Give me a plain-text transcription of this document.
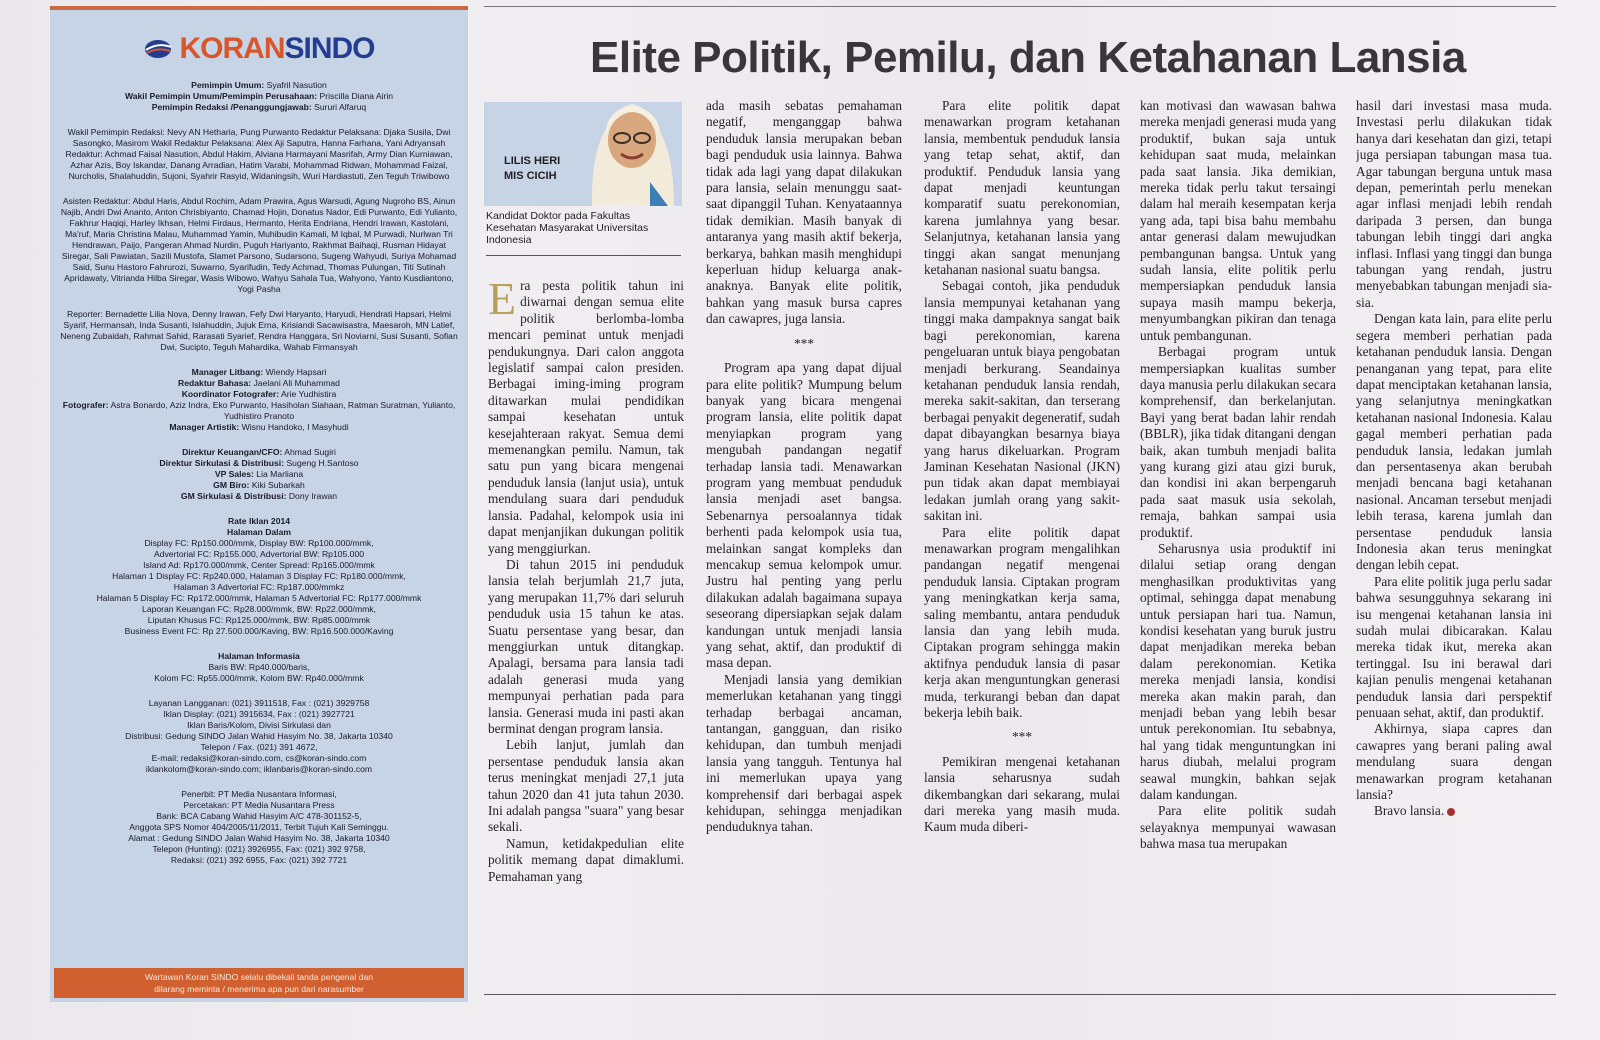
KORANSINDO

Pemimpin Umum: Syafril Nasution

Wakil Pemimpin Umum/Pemimpin Perusahaan: Priscilla Diana Airin

Pemimpin Redaksi /Penanggungjawab: Sururi Alfaruq

Wakil Pemimpin Redaksi: Nevy AN Hetharia, Pung Purwanto Redaktur Pelaksana: Djaka Susila, Dwi Sasongko, Masirom Wakil Redaktur Pelaksana: Alex Aji Saputra, Hanna Farhana, Yani Adryansah Redaktur: Achmad Faisal Nasution, Abdul Hakim, Alviana Harmayani Masrifah, Army Dian Kurniawan, Azhar Azis, Boy Iskandar, Danang Arradian, Hatim Varabi, Mohammad Ridwan, Mohammad Faizal, Nurcholis, Shalahuddin, Sujoni, Syahrir Rasyid, Widaningsih, Wuri Hardiastuti, Zen Teguh Triwibowo

Asisten Redaktur: Abdul Haris, Abdul Rochim, Adam Prawira, Agus Warsudi, Agung Nugroho BS, Ainun Najib, Andri Dwi Ananto, Anton Chrisbiyanto, Chamad Hojin, Donatus Nador, Edi Purwanto, Edi Yulianto, Fakhrur Haqiqi, Harley Ikhsan, Helmi Firdaus, Hermanto, Herita Endriana, Hendri Irawan, Kastolani, Ma'ruf, Maria Christina Malau, Muhammad Yamin, Muhibudin Kamali, M Iqbal, M Purwadi, Nurlwan Tri Hendrawan, Paijo, Pangeran Ahmad Nurdin, Puguh Hariyanto, Rakhmat Baihaqi, Rusman Hidayat Siregar, Sali Pawiatan, Sazili Mustofa, Slamet Parsono, Sudarsono, Sugeng Wahyudi, Suriya Mohamad Said, Sunu Hastoro Fahrurozi, Suwarno, Syarifudin, Tedy Achmad, Thomas Pulungan, Titi Sutinah Apridawaty, Vitrianda Hilba Siregar, Wasis Wibowo, Wahyu Sahala Tua, Wahyono, Yanto Kusdiantono, Yogi Pasha

Reporter: Bernadette Lilia Nova, Denny Irawan, Fefy Dwi Haryanto, Haryudi, Hendrati Hapsari, Helmi Syarif, Hermansah, Inda Susanti, Islahuddin, Jujuk Erna, Krisiandi Sacawisastra, Maesaroh, MN Latief, Neneng Zubaidah, Rahmat Sahid, Rarasati Syarief, Rendra Hanggara, Sri Noviarni, Susi Susanti, Sofian Dwi, Sucipto, Teguh Mahardika, Wahab Firmansyah

Manager Litbang: Wiendy Hapsari

Redaktur Bahasa: Jaelani Ali Muhammad

Koordinator Fotografer: Arie Yudhistira

Fotografer: Astra Bonardo, Aziz Indra, Eko Purwanto, Hasiholan Siahaan, Ratman Suratman, Yulianto, Yudhistiro Pranoto

Manager Artistik: Wisnu Handoko, I Masyhudi

Direktur Keuangan/CFO: Ahmad Sugiri

Direktur Sirkulasi & Distribusi: Sugeng H.Santoso

VP Sales: Lia Marliana

GM Biro: Kiki Subarkah

GM Sirkulasi & Distribusi: Dony Irawan

Rate Iklan 2014

Halaman Dalam

Display FC: Rp150.000/mmk, Display BW: Rp100.000/mmk,

Advertorial FC: Rp155.000, Advertorial BW: Rp105.000

Island Ad: Rp170.000/mmk, Center Spread: Rp165.000/mmk

Halaman 1 Display FC: Rp240.000, Halaman 3 Display FC: Rp180.000/mmk,

Halaman 3 Advertorial FC: Rp187.000/mmkz

Halaman 5 Display FC: Rp172.000/mmk, Halaman 5 Advertorial FC: Rp177.000/mmk

Laporan Keuangan FC: Rp28.000/mmk, BW: Rp22.000/mmk,

Liputan Khusus FC: Rp125.000/mmk, BW: Rp85.000/mmk

Business Event FC: Rp 27.500.000/Kaving, BW: Rp16.500.000/Kaving

Halaman Informasia

Baris BW: Rp40.000/baris,

Kolom FC: Rp55.000/mmk, Kolom BW: Rp40.000/mmk

Layanan Langganan: (021) 3911518, Fax : (021) 3929758

Iklan Display: (021) 3915634, Fax : (021) 3927721

Iklan Baris/Kolom, Divisi Sirkulasi dan

Distribusi: Gedung SINDO Jalan Wahid Hasyim No. 38, Jakarta 10340

Telepon / Fax. (021) 391 4672,

E-mail: redaksi@koran-sindo.com, cs@koran-sindo.com

iklankolom@koran-sindo.com; iklanbaris@koran-sindo.com

Penerbit: PT Media Nusantara Informasi,

Percetakan: PT Media Nusantara Press

Bank: BCA Cabang Wahid Hasyim A/C 478-301152-5,

Anggota SPS Nomor 404/2005/11/2011, Terbit Tujuh Kali Seminggu.

Alamat : Gedung SINDO Jalan Wahid Hasyim No. 38, Jakarta 10340

Telepon (Hunting): (021) 3926955, Fax: (021) 392 9758,

Redaksi: (021) 392 6955, Fax: (021) 392 7721

Wartawan Koran SINDO selalu dibekali tanda pengenal dan
dilarang meminta / menerima apa pun dari narasumber
Elite Politik, Pemilu, dan Ketahanan Lansia
LILIS HERI
MIS CICIH
Kandidat Doktor pada Fakultas Kesehatan Masyarakat Universitas Indonesia

Era pesta politik tahun ini diwarnai dengan semua elite politik berlomba-lomba mencari peminat untuk menjadi pendukungnya. Dari calon anggota legislatif sampai calon presiden. Berbagai iming-iming program ditawarkan mulai pendidikan sampai kesehatan untuk kesejahteraan rakyat. Semua demi memenangkan pemilu. Namun, tak satu pun yang bicara mengenai penduduk lansia (lanjut usia), untuk mendulang suara dari penduduk lansia. Padahal, kelompok usia ini dapat menjanjikan dukungan politik yang menggiurkan.

Di tahun 2015 ini penduduk lansia telah berjumlah 21,7 juta, yang merupakan 11,7% dari seluruh penduduk usia 15 tahun ke atas. Suatu persentase yang besar, dan menggiurkan untuk ditangkap. Apalagi, bersama para lansia tadi adalah generasi muda yang mempunyai perhatian pada para lansia. Generasi muda ini pasti akan berminat dengan program lansia.

Lebih lanjut, jumlah dan persentase penduduk lansia akan terus meningkat menjadi 27,1 juta tahun 2020 dan 41 juta tahun 2030. Ini adalah pangsa "suara" yang besar sekali.

Namun, ketidakpedulian elite politik memang dapat dimaklumi. Pemahaman yang

ada masih sebatas pemahaman negatif, menganggap bahwa penduduk lansia merupakan beban bagi penduduk usia lainnya. Bahwa tidak ada lagi yang dapat dilakukan para lansia, selain menunggu saat-saat dipanggil Tuhan. Kenyataannya tidak demikian. Masih banyak di antaranya yang masih aktif bekerja, berkarya, bahkan masih menghidupi keperluan hidup keluarga anak-anaknya. Banyak elite politik, bahkan yang masuk bursa capres dan cawapres, juga lansia.

***

Program apa yang dapat dijual para elite politik? Mumpung belum banyak yang bicara mengenai program lansia, elite politik dapat menyiapkan program yang mengubah pandangan negatif terhadap lansia tadi. Menawarkan program yang membuat penduduk lansia menjadi aset bangsa. Sebenarnya persoalannya tidak berhenti pada kelompok usia tua, melainkan sangat kompleks dan mencakup semua kelompok umur. Justru hal penting yang perlu dilakukan adalah bagaimana supaya seseorang dipersiapkan sejak dalam kandungan untuk menjadi lansia yang sehat, aktif, dan produktif di masa depan.

Menjadi lansia yang demikian memerlukan ketahanan yang tinggi terhadap berbagai ancaman, tantangan, gangguan, dan risiko kehidupan, dan tumbuh menjadi lansia yang tangguh. Tentunya hal ini memerlukan upaya yang komprehensif dari berbagai aspek kehidupan, sehingga menjadikan penduduknya tahan.

Para elite politik dapat menawarkan program ketahanan lansia, membentuk penduduk lansia yang tetap sehat, aktif, dan produktif. Penduduk lansia yang dapat menjadi keuntungan komparatif suatu perekonomian, karena jumlahnya yang besar. Selanjutnya, ketahanan lansia yang tinggi akan sangat menunjang ketahanan nasional suatu bangsa.

Sebagai contoh, jika penduduk lansia mempunyai ketahanan yang tinggi maka dampaknya sangat baik bagi perekonomian, karena pengeluaran untuk biaya pengobatan menjadi berkurang. Seandainya ketahanan penduduk lansia rendah, mereka sakit-sakitan, dan terserang berbagai penyakit degeneratif, sudah dapat dibayangkan besarnya biaya yang harus dikeluarkan. Program Jaminan Kesehatan Nasional (JKN) pun tidak akan dapat membiayai ledakan jumlah orang yang sakit-sakitan ini.

Para elite politik dapat menawarkan program mengalihkan pandangan negatif mengenai penduduk lansia. Ciptakan program yang meningkatkan kerja sama, saling membantu, antara penduduk lansia dan yang lebih muda. Ciptakan program sehingga makin aktifnya penduduk lansia di pasar kerja akan menguntungkan generasi muda, terkurangi beban dan dapat bekerja lebih baik.

***

Pemikiran mengenai ketahanan lansia seharusnya sudah dikembangkan dari sekarang, mulai dari mereka yang masih muda. Kaum muda diberi-

kan motivasi dan wawasan bahwa mereka menjadi generasi muda yang produktif, bukan saja untuk kehidupan saat muda, melainkan pada saat lansia. Jika demikian, mereka tidak perlu takut tersaingi dalam hal meraih kesempatan kerja yang ada, tapi bisa bahu membahu antar generasi dalam mewujudkan pembangunan bangsa. Untuk yang sudah lansia, elite politik perlu mempersiapkan penduduk lansia supaya masih mampu bekerja, menyumbangkan pikiran dan tenaga untuk pembangunan.

Berbagai program untuk mempersiapkan kualitas sumber daya manusia perlu dilakukan secara komprehensif, dan berkelanjutan. Bayi yang berat badan lahir rendah (BBLR), jika tidak ditangani dengan baik, akan tumbuh menjadi balita yang kurang gizi atau gizi buruk, dan kondisi ini akan berpengaruh pada saat masuk usia sekolah, remaja, bahkan sampai usia produktif.

Seharusnya usia produktif ini dilalui setiap orang dengan menghasilkan produktivitas yang optimal, sehingga dapat menabung untuk persiapan hari tua. Namun, kondisi kesehatan yang buruk justru dapat menjadikan mereka beban dalam perekonomian. Ketika mereka menjadi lansia, kondisi mereka akan makin parah, dan menjadi beban yang lebih besar untuk perekonomian. Itu sebabnya, hal yang tidak menguntungkan ini harus diubah, melalui program seawal mungkin, bahkan sejak dalam kandungan.

Para elite politik sudah selayaknya mempunyai wawasan bahwa masa tua merupakan

hasil dari investasi masa muda. Investasi perlu dilakukan tidak hanya dari kesehatan dan gizi, tetapi juga persiapan tabungan masa tua. Agar tabungan berguna untuk masa depan, pemerintah perlu menekan agar inflasi menjadi lebih rendah daripada 3 persen, dan bunga tabungan lebih tinggi dari angka inflasi. Inflasi yang tinggi dan bunga tabungan yang rendah, justru menyebabkan tabungan menjadi sia-sia.

Dengan kata lain, para elite perlu segera memberi perhatian pada ketahanan penduduk lansia. Dengan penanganan yang tepat, para elite dapat menciptakan ketahanan lansia, yang selanjutnya meningkatkan ketahanan nasional Indonesia. Kalau gagal memberi perhatian pada penduduk lansia, ledakan jumlah dan persentasenya akan berubah menjadi bencana bagi ketahanan nasional. Ancaman tersebut menjadi lebih terasa, karena jumlah dan persentase penduduk lansia Indonesia akan terus meningkat dengan lebih cepat.

Para elite politik juga perlu sadar bahwa sesungguhnya sekarang ini isu mengenai ketahanan lansia ini sudah mulai dibicarakan. Kalau mereka tidak ikut, mereka akan tertinggal. Isu ini berawal dari kajian penulis mengenai ketahanan penduduk lansia dari perspektif penuaan sehat, aktif, dan produktif.

Akhirnya, siapa capres dan cawapres yang berani paling awal mendulang suara dengan menawarkan program ketahanan lansia?

Bravo lansia.
